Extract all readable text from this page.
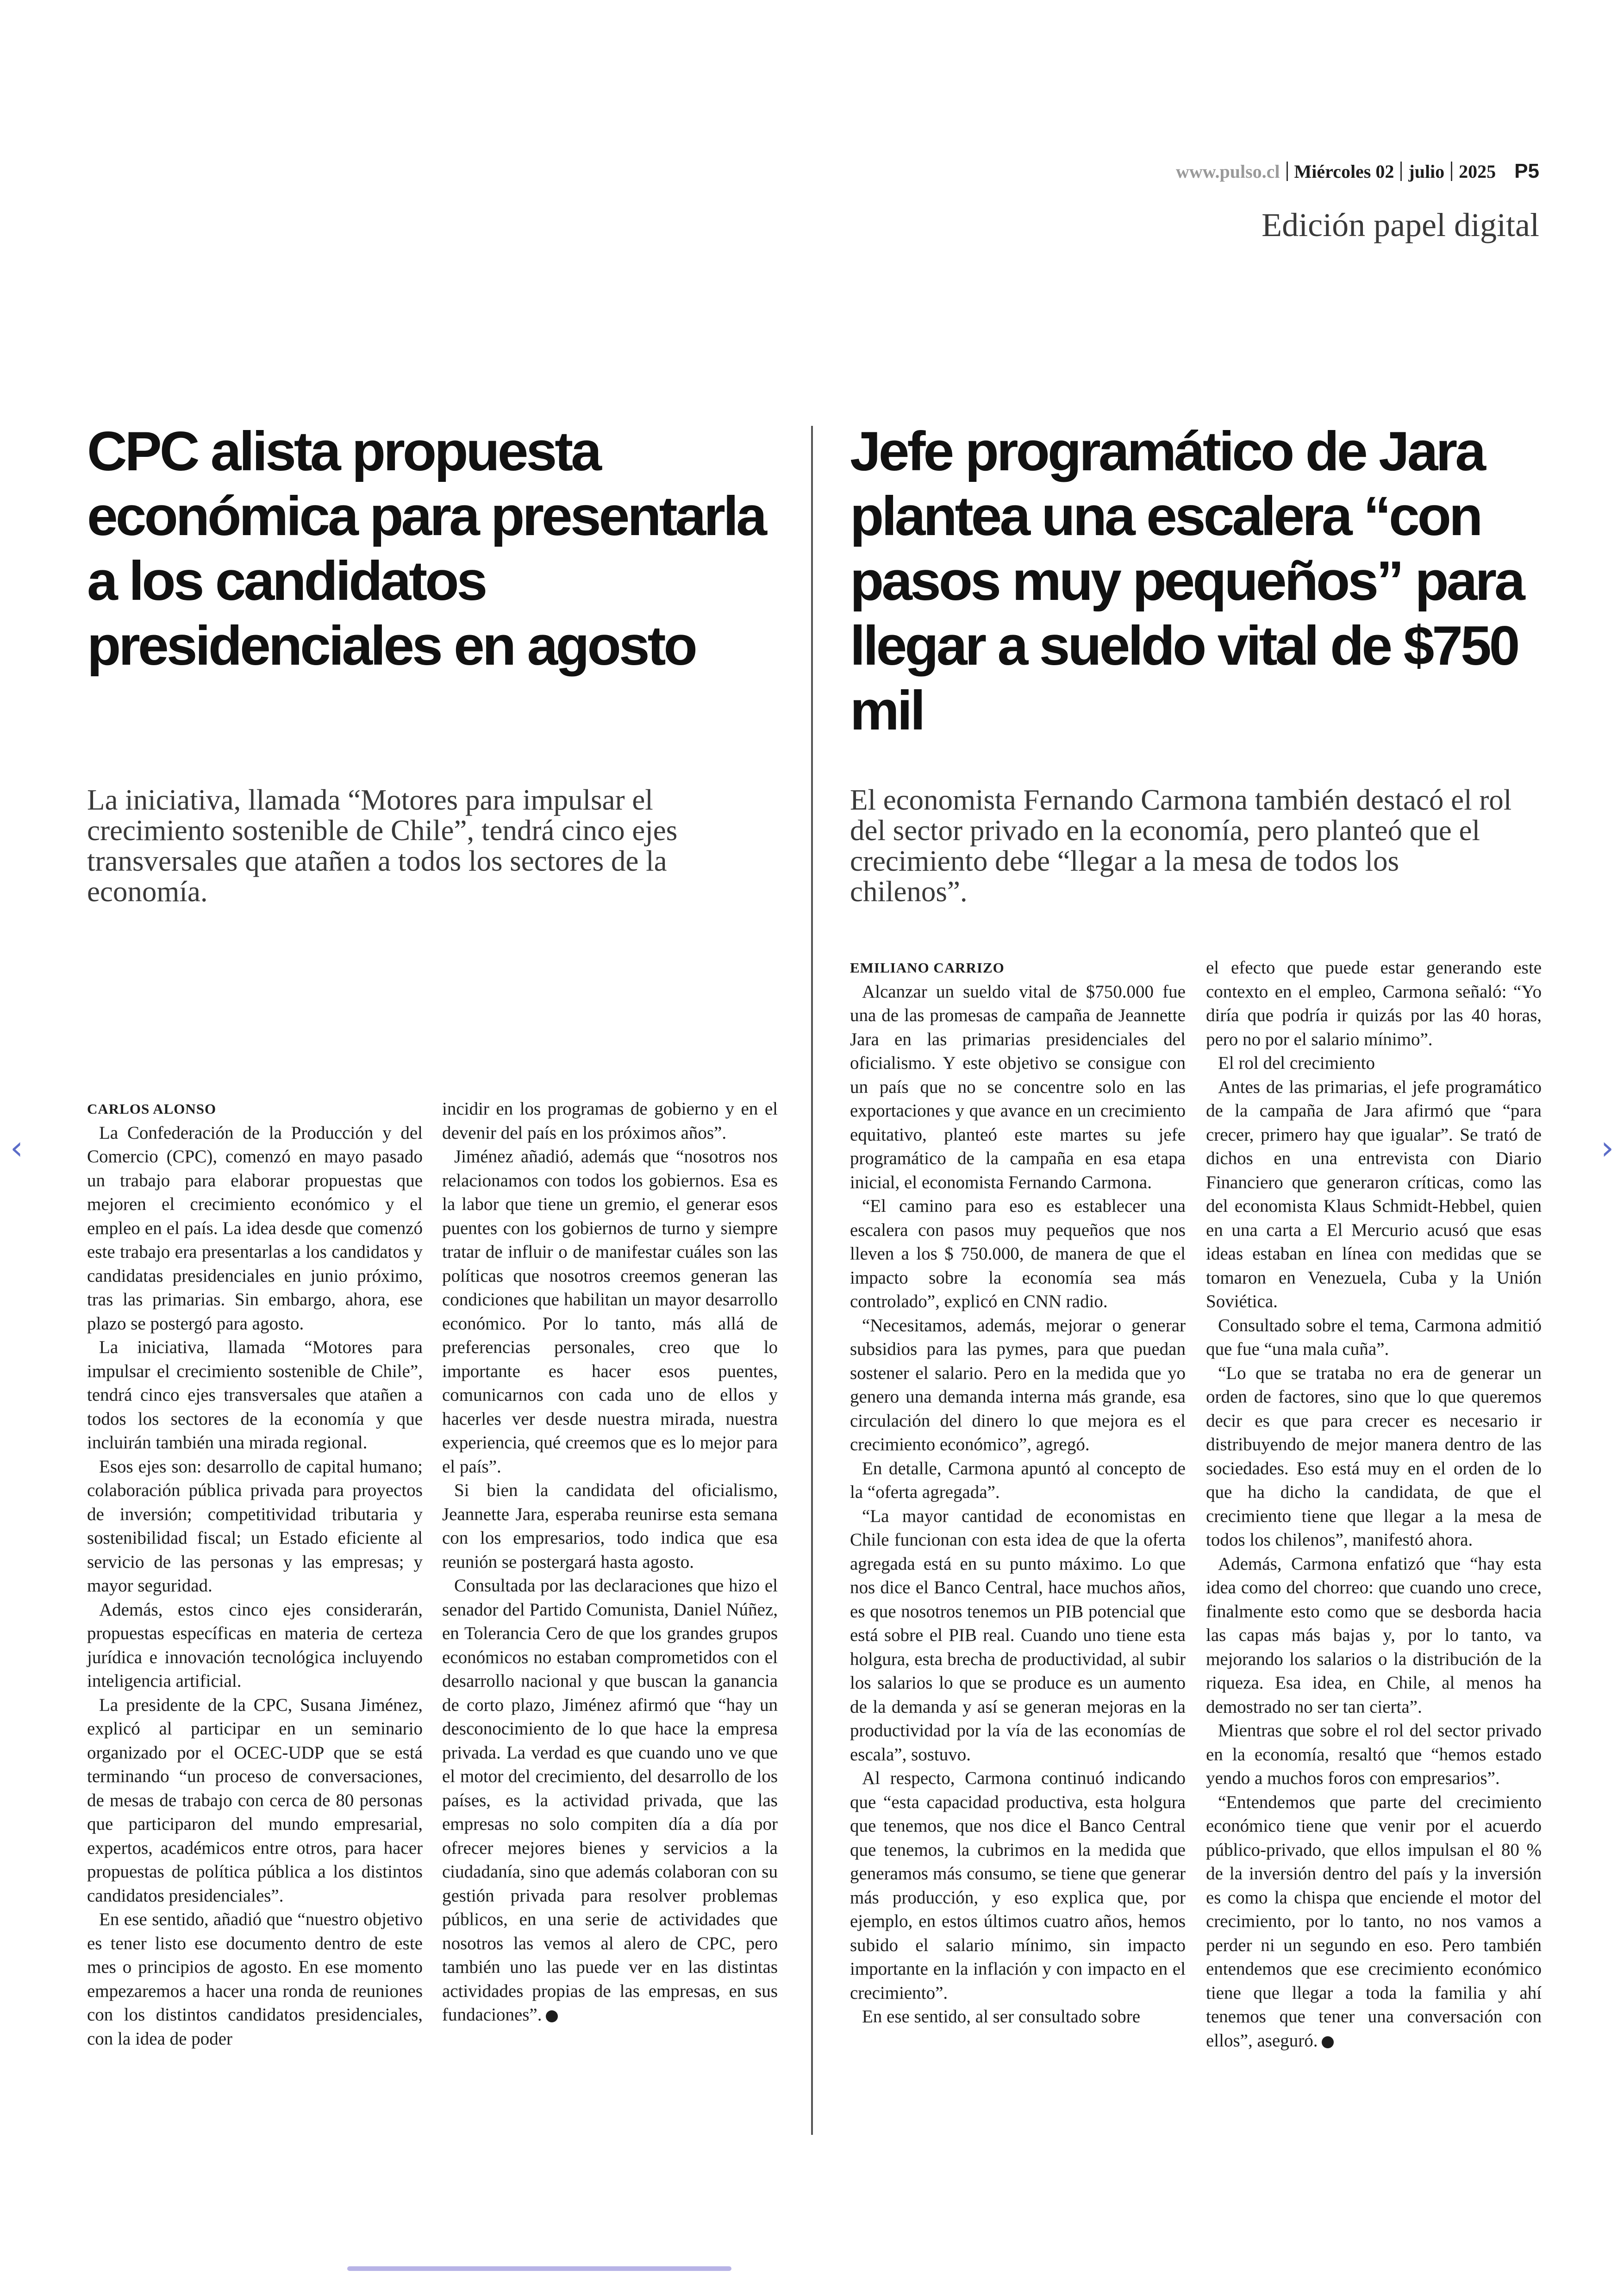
www.pulso.cl Miércoles 02 julio 2025 P5
Edición papel digital
CPC alista propuesta económica para presentarla a los candidatos presidenciales en agosto

La iniciativa, llamada “Motores para impulsar el crecimiento sostenible de Chile”, tendrá cinco ejes transversales que atañen a todos los sectores de la economía.

CARLOS ALONSO

La Confederación de la Producción y del Comercio (CPC), comenzó en mayo pasado un trabajo para elaborar propuestas que mejoren el crecimiento económico y el empleo en el país. La idea desde que comenzó este trabajo era presentarlas a los candidatos y candidatas presidenciales en junio próximo, tras las primarias. Sin embargo, ahora, ese plazo se postergó para agosto.

La iniciativa, llamada “Motores para impulsar el crecimiento sostenible de Chile”, tendrá cinco ejes transversales que atañen a todos los sectores de la economía y que incluirán también una mirada regional.

Esos ejes son: desarrollo de capital humano; colaboración pública privada para proyectos de inversión; competitividad tributaria y sostenibilidad fiscal; un Estado eficiente al servicio de las personas y las empresas; y mayor seguridad.

Además, estos cinco ejes considerarán, propuestas específicas en materia de certeza jurídica e innovación tecnológica incluyendo inteligencia artificial.

La presidente de la CPC, Susana Jiménez, explicó al participar en un seminario organizado por el OCEC-UDP que se está terminando “un proceso de conversaciones, de mesas de trabajo con cerca de 80 personas que participaron del mundo empresarial, expertos, académicos entre otros, para hacer propuestas de política pública a los distintos candidatos presidenciales”.

En ese sentido, añadió que “nuestro objetivo es tener listo ese documento dentro de este mes o principios de agosto. En ese momento empezaremos a hacer una ronda de reuniones con los distintos candidatos presidenciales, con la idea de poder

incidir en los programas de gobierno y en el devenir del país en los próximos años”.

Jiménez añadió, además que “nosotros nos relacionamos con todos los gobiernos. Esa es la labor que tiene un gremio, el generar esos puentes con los gobiernos de turno y siempre tratar de influir o de manifestar cuáles son las políticas que nosotros creemos generan las condiciones que habilitan un mayor desarrollo económico. Por lo tanto, más allá de preferencias personales, creo que lo importante es hacer esos puentes, comunicarnos con cada uno de ellos y hacerles ver desde nuestra mirada, nuestra experiencia, qué creemos que es lo mejor para el país”.

Si bien la candidata del oficialismo, Jeannette Jara, esperaba reunirse esta semana con los empresarios, todo indica que esa reunión se postergará hasta agosto.

Consultada por las declaraciones que hizo el senador del Partido Comunista, Daniel Núñez, en Tolerancia Cero de que los grandes grupos económicos no estaban comprometidos con el desarrollo nacional y que buscan la ganancia de corto plazo, Jiménez afirmó que “hay un desconocimiento de lo que hace la empresa privada. La verdad es que cuando uno ve que el motor del crecimiento, del desarrollo de los países, es la actividad privada, que las empresas no solo compiten día a día por ofrecer mejores bienes y servicios a la ciudadanía, sino que además colaboran con su gestión privada para resolver problemas públicos, en una serie de actividades que nosotros las vemos al alero de CPC, pero también uno las puede ver en las distintas actividades propias de las empresas, en sus fundaciones”.

Jefe programático de Jara plantea una escalera “con pasos muy pequeños” para llegar a sueldo vital de $750 mil

El economista Fernando Carmona también destacó el rol del sector privado en la economía, pero planteó que el crecimiento debe “llegar a la mesa de todos los chilenos”.

EMILIANO CARRIZO

Alcanzar un sueldo vital de $750.000 fue una de las promesas de campaña de Jeannette Jara en las primarias presidenciales del oficialismo. Y este objetivo se consigue con un país que no se concentre solo en las exportaciones y que avance en un crecimiento equitativo, planteó este martes su jefe programático de la campaña en esa etapa inicial, el economista Fernando Carmona.

“El camino para eso es establecer una escalera con pasos muy pequeños que nos lleven a los $ 750.000, de manera de que el impacto sobre la economía sea más controlado”, explicó en CNN radio.

“Necesitamos, además, mejorar o generar subsidios para las pymes, para que puedan sostener el salario. Pero en la medida que yo genero una demanda interna más grande, esa circulación del dinero lo que mejora es el crecimiento económico”, agregó.

En detalle, Carmona apuntó al concepto de la “oferta agregada”.

“La mayor cantidad de economistas en Chile funcionan con esta idea de que la oferta agregada está en su punto máximo. Lo que nos dice el Banco Central, hace muchos años, es que nosotros tenemos un PIB potencial que está sobre el PIB real. Cuando uno tiene esta holgura, esta brecha de productividad, al subir los salarios lo que se produce es un aumento de la demanda y así se generan mejoras en la productividad por la vía de las economías de escala”, sostuvo.

Al respecto, Carmona continuó indicando que “esta capacidad productiva, esta holgura que tenemos, que nos dice el Banco Central que tenemos, la cubrimos en la medida que generamos más consumo, se tiene que generar más producción, y eso explica que, por ejemplo, en estos últimos cuatro años, hemos subido el salario mínimo, sin impacto importante en la inflación y con impacto en el crecimiento”.

En ese sentido, al ser consultado sobre

el efecto que puede estar generando este contexto en el empleo, Carmona señaló: “Yo diría que podría ir quizás por las 40 horas, pero no por el salario mínimo”.

El rol del crecimiento

Antes de las primarias, el jefe programático de la campaña de Jara afirmó que “para crecer, primero hay que igualar”. Se trató de dichos en una entrevista con Diario Financiero que generaron críticas, como las del economista Klaus Schmidt-Hebbel, quien en una carta a El Mercurio acusó que esas ideas estaban en línea con medidas que se tomaron en Venezuela, Cuba y la Unión Soviética.

Consultado sobre el tema, Carmona admitió que fue “una mala cuña”.

“Lo que se trataba no era de generar un orden de factores, sino que lo que queremos decir es que para crecer es necesario ir distribuyendo de mejor manera dentro de las sociedades. Eso está muy en el orden de lo que ha dicho la candidata, de que el crecimiento tiene que llegar a la mesa de todos los chilenos”, manifestó ahora.

Además, Carmona enfatizó que “hay esta idea como del chorreo: que cuando uno crece, finalmente esto como que se desborda hacia las capas más bajas y, por lo tanto, va mejorando los salarios o la distribución de la riqueza. Esa idea, en Chile, al menos ha demostrado no ser tan cierta”.

Mientras que sobre el rol del sector privado en la economía, resaltó que “hemos estado yendo a muchos foros con empresarios”.

“Entendemos que parte del crecimiento económico tiene que venir por el acuerdo público-privado, que ellos impulsan el 80 % de la inversión dentro del país y la inversión es como la chispa que enciende el motor del crecimiento, por lo tanto, no nos vamos a perder ni un segundo en eso. Pero también entendemos que ese crecimiento económico tiene que llegar a toda la familia y ahí tenemos que tener una conversación con ellos”, aseguró.

‹	›
